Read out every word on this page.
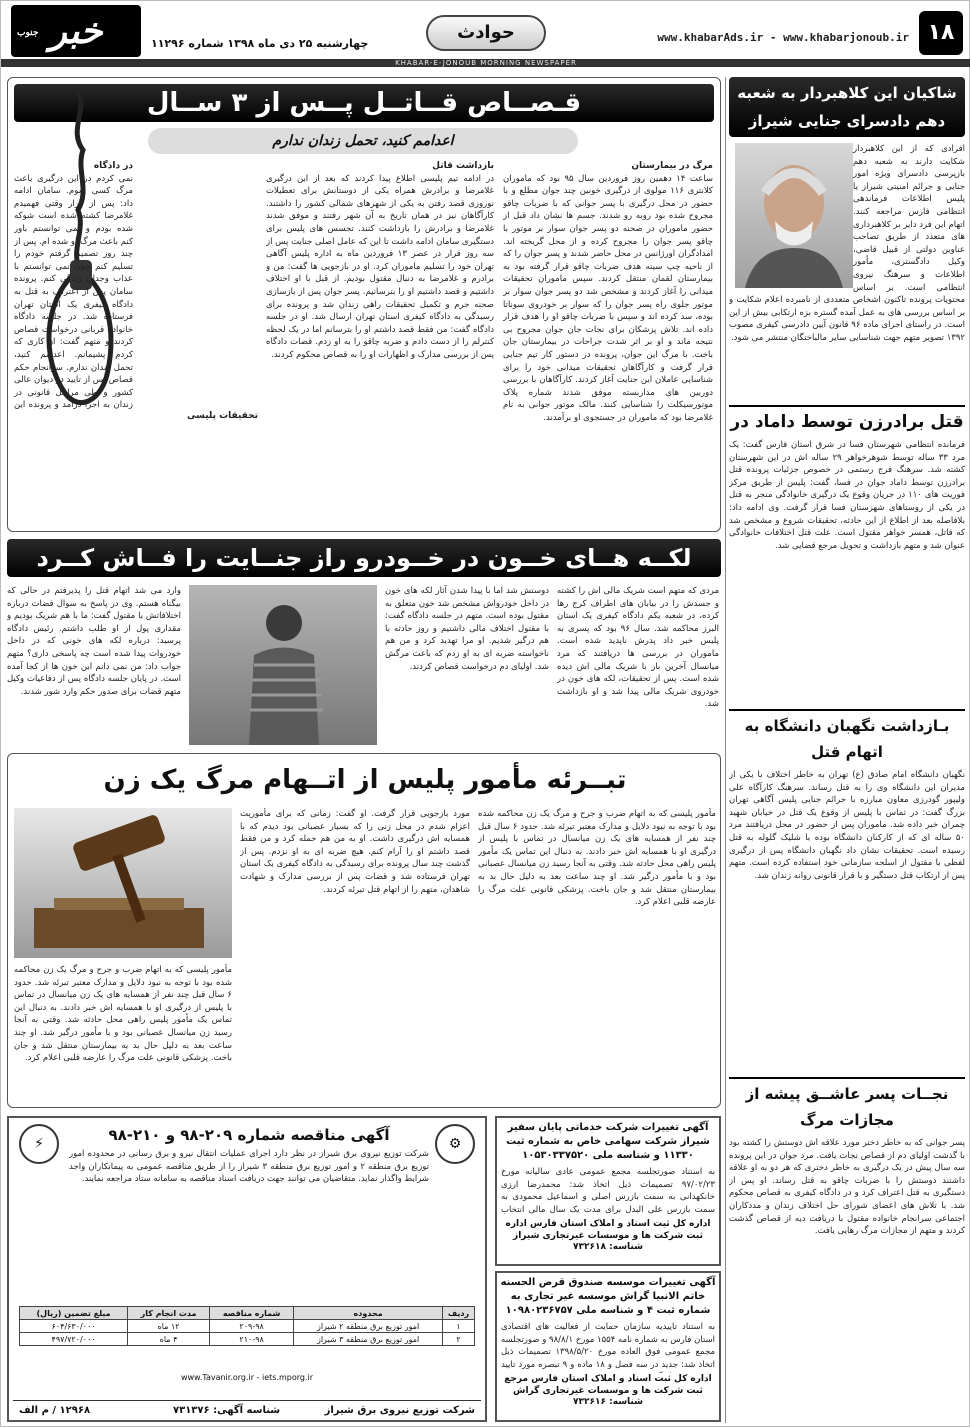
۱۸
www.khabarAds.ir - www.khabarjonoub.ir
حوادث
چهارشنبه ۲۵ دی ماه ۱۳۹۸ شماره ۱۱۲۹۶
جنوب خبر
KHABAR-E-JONOUB MORNING NEWSPAPER
قـصــاص قــاتــل پــس از ۳ ســال
اعدامم کنید، تحمل زندان ندارم
مرگ در بیمارستان
ساعت ۱۴ دهمین روز فروردین سال ۹۵ بود که ماموران کلانتری ۱۱۶ مولوی از درگیری خونین چند جوان مطلع و با حضور در محل درگیری با پسر جوانی که با ضربات چاقو مجروح شده بود روبه رو شدند. جسم ها نشان داد قبل از حضور ماموران در صحنه دو پسر جوان سوار بر موتور با چاقو پسر جوان را مجروح کرده و از محل گریخته اند. امدادگران اورژانس در محل حاضر شدند و پسر جوان را که از ناحیه چپ سینه هدف ضربات چاقو قرار گرفته بود به بیمارستان لقمان منتقل کردند. سپس ماموران تحقیقات میدانی را آغاز کردند و مشخص شد دو پسر جوان سوار بر موتور جلوی راه پسر جوان را که سوار بر خودروی سوناتا بوده، سد کرده اند و سپس با ضربات چاقو او را هدف قرار داده اند. تلاش پزشکان برای نجات جان جوان مجروح بی نتیجه ماند و او بر اثر شدت جراحات در بیمارستان جان باخت. با مرگ این جوان، پرونده در دستور کار تیم جنایی قرار گرفت و کارآگاهان تحقیقات میدانی خود را برای شناسایی عاملان این جنایت آغاز کردند. کارآگاهان با بررسی دوربین های مداربسته موفق شدند شماره پلاک موتورسیکلت را شناسایی کنند. مالک موتور جوانی به نام غلامرضا بود که ماموران در جستجوی او برآمدند.
بازداشت قاتل
در ادامه تیم پلیسی اطلاع پیدا کردند که بعد از این درگیری غلامرضا و برادرش همراه یکی از دوستانش برای تعطیلات نوروزی قصد رفتن به یکی از شهرهای شمالی کشور را داشتند. کارآگاهان نیز در همان تاریخ به آن شهر رفتند و موفق شدند غلامرضا و برادرش را بازداشت کنند. تجسس های پلیس برای دستگیری سامان ادامه داشت تا این که عامل اصلی جنایت پس از سه روز فرار در عصر ۱۳ فروردین ماه به اداره پلیس آگاهی تهران خود را تسلیم ماموران کرد. او در بازجویی ها گفت: من و برادرم و غلامرضا به دنبال مقتول بودیم. از قبل با او اختلاف داشتیم و قصد داشتیم او را بترسانیم. پسر جوان پس از بازسازی صحنه جرم و تکمیل تحقیقات راهی زندان شد و پرونده برای رسیدگی به دادگاه کیفری استان تهران ارسال شد. او در جلسه دادگاه گفت: من فقط قصد داشتم او را بترسانم اما در یک لحظه کنترلم را از دست دادم و ضربه چاقو را به او زدم. قضات دادگاه پس از بررسی مدارک و اظهارات او را به قصاص محکوم کردند.
در دادگاه
نمی کردم در این درگیری باعث مرگ کسی شوم. سامان ادامه داد: پس از فرار وقتی فهمیدم غلامرضا کشته شده است شوکه شده بودم و نمی توانستم باور کنم باعث مرگ او شده ام. پس از چند روز تصمیم گرفتم خودم را تسلیم کنم چون نمی توانستم با عذاب وجدان زندگی کنم. پرونده سامان پس از اعتراف به قتل به دادگاه کیفری یک استان تهران فرستاده شد. در جلسه دادگاه خانواده قربانی درخواست قصاص کردند و متهم گفت: از کاری که کردم پشیمانم. اعدامم کنید، تحمل زندان ندارم. سرانجام حکم قصاص پس از تایید در دیوان عالی کشور و طی مراحل قانونی در زندان به اجرا درآمد و پرونده این
تحقیقات پلیسی
لکــه هــای خــون در خــودرو راز جنــایت را فــاش کــرد
مردی که متهم است شریک مالی اش را کشته و جسدش را در بیابان های اطراف کرج رها کرده، در شعبه یکم دادگاه کیفری یک استان البرز محاکمه شد. سال ۹۶ بود که پسری به پلیس خبر داد پدرش ناپدید شده است. ماموران در بررسی ها دریافتند که مرد میانسال آخرین بار با شریک مالی اش دیده شده است. پس از تحقیقات، لکه های خون در خودروی شریک مالی پیدا شد و او بازداشت شد.
دوستش شد اما با پیدا شدن آثار لکه های خون در داخل خودرواش مشخص شد خون متعلق به مقتول بوده است. متهم در جلسه دادگاه گفت: با مقتول اختلاف مالی داشتیم و روز حادثه با هم درگیر شدیم. او مرا تهدید کرد و من هم ناخواسته ضربه ای به او زدم که باعث مرگش شد. اولیای دم درخواست قصاص کردند.
وارد می شد اتهام قتل را پذیرفتم در حالی که بیگناه هستم. وی در پاسخ به سوال قضات درباره اختلافاتش با مقتول گفت: ما با هم شریک بودیم و مقداری پول از او طلب داشتم. رئیس دادگاه پرسید: درباره لکه های خونی که در داخل خودروات پیدا شده است چه پاسخی داری؟ متهم جواب داد: من نمی دانم این خون ها از کجا آمده است. در پایان جلسه دادگاه پس از دفاعیات وکیل متهم قضات برای صدور حکم وارد شور شدند.
تبــرئه مأمور پلیس از اتــهام مرگ یک زن
مأمور پلیسی که به اتهام ضرب و جرح و مرگ یک زن محاکمه شده بود با توجه به نبود دلایل و مدارک معتبر تبرئه شد. حدود ۶ سال قبل چند نفر از همسایه های یک زن میانسال در تماس با پلیس از درگیری او با همسایه اش خبر دادند. به دنبال این تماس یک مأمور پلیس راهی محل حادثه شد. وقتی به آنجا رسید زن میانسال عصبانی بود و با مأمور درگیر شد. او چند ساعت بعد به دلیل حال بد به بیمارستان منتقل شد و جان باخت. پزشکی قانونی علت مرگ را عارضه قلبی اعلام کرد.
مورد بازجویی قرار گرفت. او گفت: زمانی که برای مأموریت اعزام شدم در محل زنی را که بسیار عصبانی بود دیدم که با همسایه اش درگیری داشت. او به من هم حمله کرد و من فقط قصد داشتم او را آرام کنم. هیچ ضربه ای به او نزدم. پس از گذشت چند سال پرونده برای رسیدگی به دادگاه کیفری یک استان تهران فرستاده شد و قضات پس از بررسی مدارک و شهادت شاهدان، متهم را از اتهام قتل تبرئه کردند.
مأمور پلیسی که به اتهام ضرب و جرح و مرگ یک زن محاکمه شده بود با توجه به نبود دلایل و مدارک معتبر تبرئه شد. حدود ۶ سال قبل چند نفر از همسایه های یک زن میانسال در تماس با پلیس از درگیری او با همسایه اش خبر دادند. به دنبال این تماس یک مأمور پلیس راهی محل حادثه شد. وقتی به آنجا رسید زن میانسال عصبانی بود و با مأمور درگیر شد. او چند ساعت بعد به دلیل حال بد به بیمارستان منتقل شد و جان باخت. پزشکی قانونی علت مرگ را عارضه قلبی اعلام کرد.
⚡	⚙
آگهی مناقصه شماره ۲۰۹-۹۸ و ۲۱۰-۹۸
شرکت توزیع نیروی برق شیراز در نظر دارد اجرای عملیات انتقال نیرو و برق رسانی در محدوده امور توزیع برق منطقه ۲ و امور توزیع برق منطقه ۳ شیراز را از طریق مناقصه عمومی به پیمانکاران واجد شرایط واگذار نماید. متقاضیان می توانند جهت دریافت اسناد مناقصه به سامانه ستاد مراجعه نمایند.
ردیف	محدوده	شماره مناقصه	مدت انجام کار	مبلغ تضمین (ریال)
۱	امور توزیع برق منطقه ۲ شیراز	۲۰۹-۹۸	۱۲ ماه	۶۰۴/۶۳۰/۰۰۰
۲	امور توزیع برق منطقه ۳ شیراز	۲۱۰-۹۸	۴ ماه	۴۹۷/۷۲۰/۰۰۰
www.Tavanir.org.ir - iets.mporg.ir
شرکت توزیع نیروی برق شیراز
شناسه آگهی: ۷۳۱۳۷۶
۱۲۹۶۸ / م الف
آگهی تغییرات شرکت خدماتی پایان سفیر شیراز شرکت سهامی خاص به شماره ثبت ۱۱۳۳۰ و شناسه ملی ۱۰۵۳۰۳۳۷۵۲۰
به استناد صورتجلسه مجمع عمومی عادی سالیانه مورخ ۹۷/۰۲/۲۳ تصمیمات ذیل اتخاذ شد: محمدرضا ارزی خانکهدانی به سمت بازرس اصلی و اسماعیل محمودی به سمت بازرس علی البدل برای مدت یک سال مالی انتخاب
اداره کل ثبت اسناد و املاک استان فارس اداره ثبت شرکت ها و موسسات غیرتجاری شیراز
شناسه: ۷۳۲۶۱۸
آگهی تغییرات موسسه صندوق قرض الحسنه خاتم الانبیا گراش موسسه غیر تجاری به شماره ثبت ۴ و شناسه ملی ۱۰۹۸۰۲۳۶۷۵۷
به استناد تاییدیه سازمان حمایت از فعالیت های اقتصادی استان فارس به شماره نامه ۱۵۵۴ مورخ ۹۸/۸/۱ و صورتجلسه مجمع عمومی فوق العاده مورخ ۱۳۹۸/۵/۲۰ تصمیمات ذیل اتخاذ شد: جدید در سه فصل و ۱۸ ماده و ۹ تبصره مورد تایید
اداره کل ثبت اسناد و املاک استان فارس مرجع ثبت شرکت ها و موسسات غیرتجاری گراش
شناسه: ۷۳۲۶۱۶
شاکیان این کلاهبردار به شعبه دهم دادسرای جنایی شیراز
افرادی که از این کلاهبردار شکایت دارند به شعبه دهم بازپرسی دادسرای ویژه امور جنایی و جرائم امنیتی شیراز یا پلیس اطلاعات فرماندهی انتظامی فارس مراجعه کنند. اتهام این فرد دایر بر کلاهبرداری های متعدد از طریق تصاحب عناوین دولتی از قبیل قاضی، وکیل دادگستری، مأمور اطلاعات و سرهنگ نیروی انتظامی است. بر اساس محتویات پرونده تاکنون اشخاص متعددی از نامبرده اعلام شکایت و بر اساس بررسی های به عمل آمده گستره بزه ارتکابی بیش از این است. در راستای اجرای ماده ۹۶ قانون آیین دادرسی کیفری مصوب ۱۳۹۲ تصویر متهم جهت شناسایی سایر مالباختگان منتشر می شود.
قتل برادرزن توسط داماد در
فرمانده انتظامی شهرستان فسا در شرق استان فارس گفت: یک مرد ۳۳ ساله توسط شوهرخواهر ۲۹ ساله اش در این شهرستان کشته شد. سرهنگ فرج رستمی در خصوص جزئیات پرونده قتل برادرزن توسط داماد جوان در فسا، گفت: پلیس از طریق مرکز فوریت های ۱۱۰ در جریان وقوع یک درگیری خانوادگی منجر به قتل در یکی از روستاهای شهرستان فسا قرار گرفت. وی ادامه داد: بلافاصله بعد از اطلاع از این حادثه، تحقیقات شروع و مشخص شد که قاتل، همسر خواهر مقتول است. علت قتل اختلافات خانوادگی عنوان شد و متهم بازداشت و تحویل مرجع قضایی شد.
بـازداشت نگهبان دانشگاه به اتهام قتل
نگهبان دانشگاه امام صادق (ع) تهران به خاطر اختلاف با یکی از مدیران این دانشگاه وی را به قتل رساند. سرهنگ کارآگاه علی ولیپور گودرزی معاون مبارزه با جرائم جنایی پلیس آگاهی تهران بزرگ گفت: در تماس با پلیس از وقوع یک قتل در خیابان شهید چمران خبر داده شد. ماموران پس از حضور در محل دریافتند مرد ۵۰ ساله ای که از کارکنان دانشگاه بوده با شلیک گلوله به قتل رسیده است. تحقیقات نشان داد نگهبان دانشگاه پس از درگیری لفظی با مقتول از اسلحه سازمانی خود استفاده کرده است. متهم پس از ارتکاب قتل دستگیر و با قرار قانونی روانه زندان شد.
نجــات پسر عاشــق پیشه از مجازات مرگ
پسر جوانی که به خاطر دختر مورد علاقه اش دوستش را کشته بود با گذشت اولیای دم از قصاص نجات یافت. مرد جوان در این پرونده سه سال پیش در یک درگیری به خاطر دختری که هر دو به او علاقه داشتند دوستش را با ضربات چاقو به قتل رساند. او پس از دستگیری به قتل اعتراف کرد و در دادگاه کیفری به قصاص محکوم شد. با تلاش های اعضای شورای حل اختلاف زندان و مددکاران اجتماعی سرانجام خانواده مقتول با دریافت دیه از قصاص گذشت کردند و متهم از مجازات مرگ رهایی یافت.
